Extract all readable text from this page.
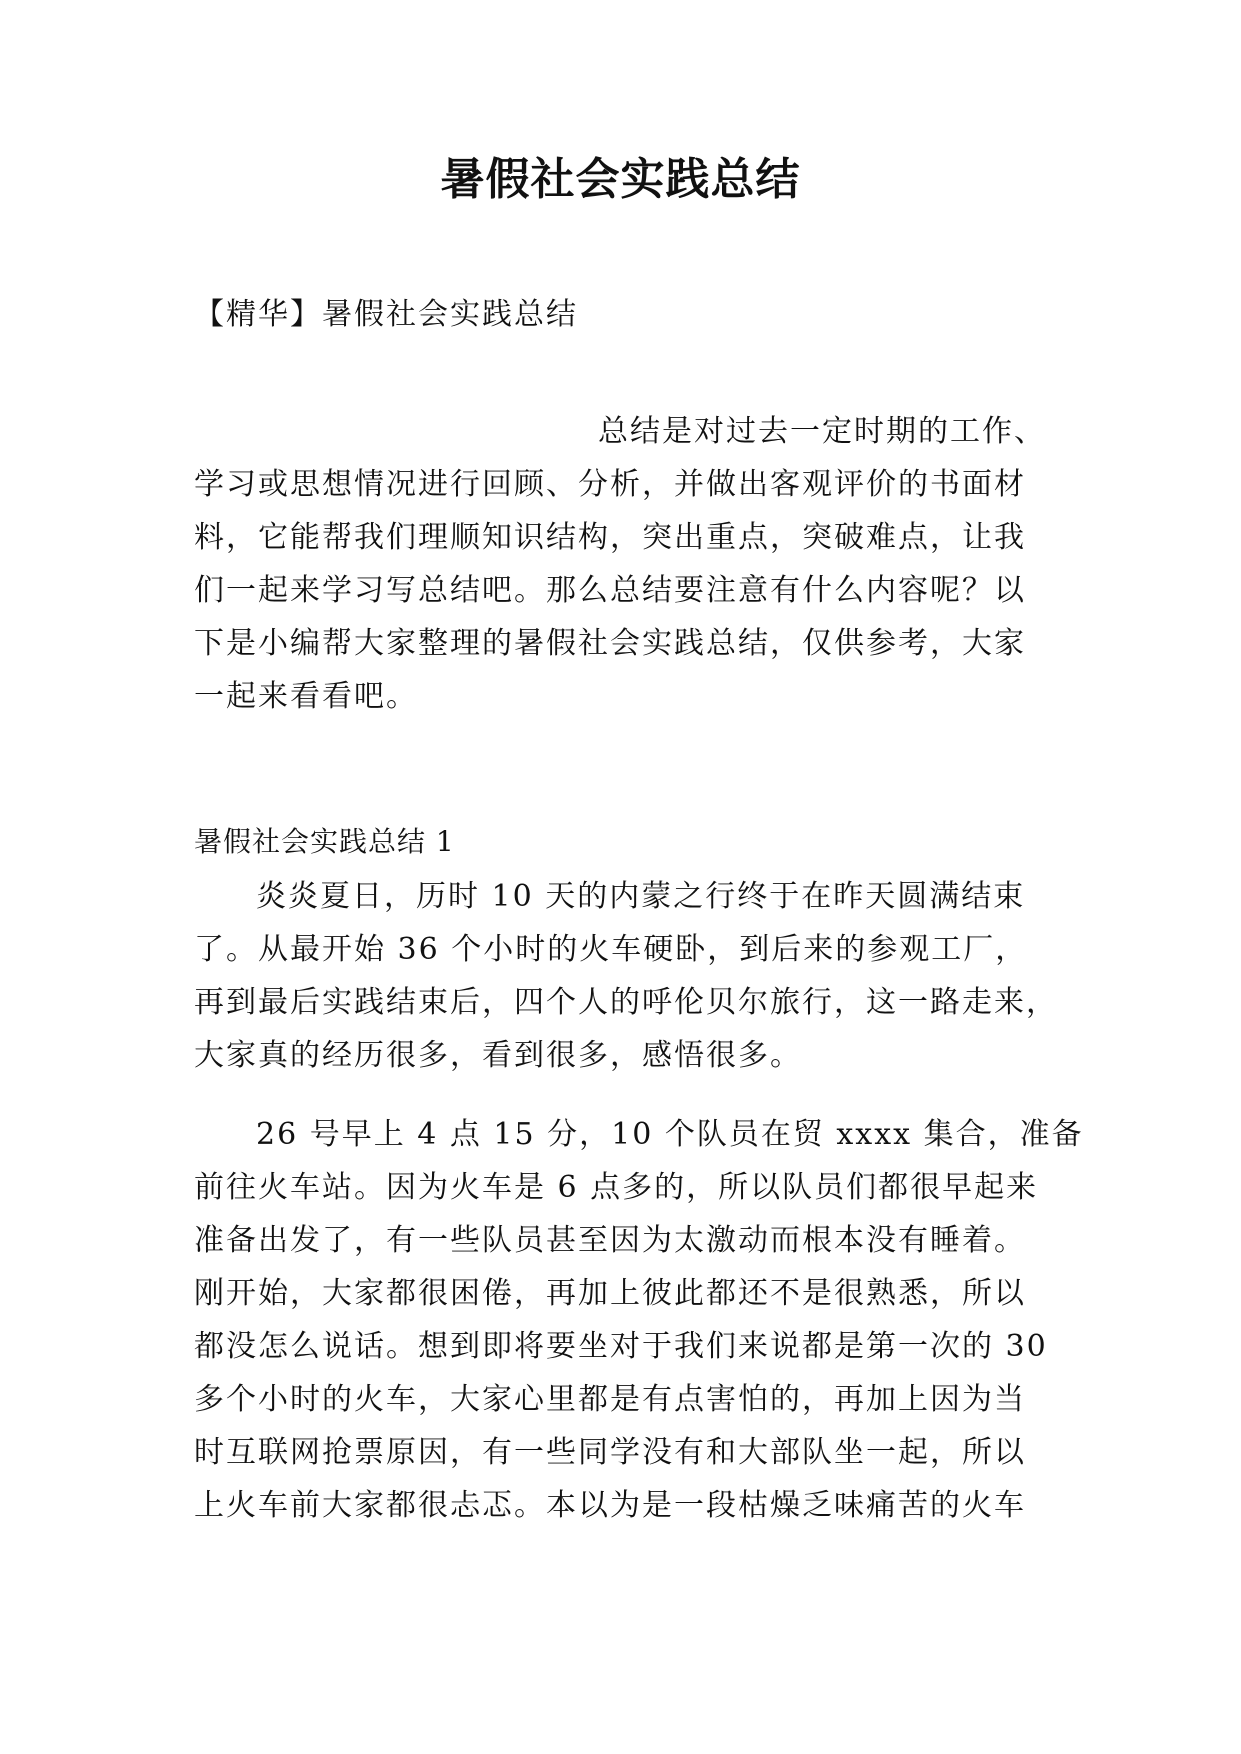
暑假社会实践总结
【精华】暑假社会实践总结
总结是对过去一定时期的工作、
学习或思想情况进行回顾、分析，并做出客观评价的书面材
料，它能帮我们理顺知识结构，突出重点，突破难点，让我
们一起来学习写总结吧。那么总结要注意有什么内容呢？以
下是小编帮大家整理的暑假社会实践总结，仅供参考，大家
一起来看看吧。
暑假社会实践总结 1
炎炎夏日，历时 10 天的内蒙之行终于在昨天圆满结束
了。从最开始 36 个小时的火车硬卧，到后来的参观工厂，
再到最后实践结束后，四个人的呼伦贝尔旅行，这一路走来，
大家真的经历很多，看到很多，感悟很多。
26 号早上 4 点 15 分，10 个队员在贸 xxxx 集合，准备
前往火车站。因为火车是 6 点多的，所以队员们都很早起来
准备出发了，有一些队员甚至因为太激动而根本没有睡着。
刚开始，大家都很困倦，再加上彼此都还不是很熟悉，所以
都没怎么说话。想到即将要坐对于我们来说都是第一次的 30
多个小时的火车，大家心里都是有点害怕的，再加上因为当
时互联网抢票原因，有一些同学没有和大部队坐一起，所以
上火车前大家都很忐忑。本以为是一段枯燥乏味痛苦的火车
